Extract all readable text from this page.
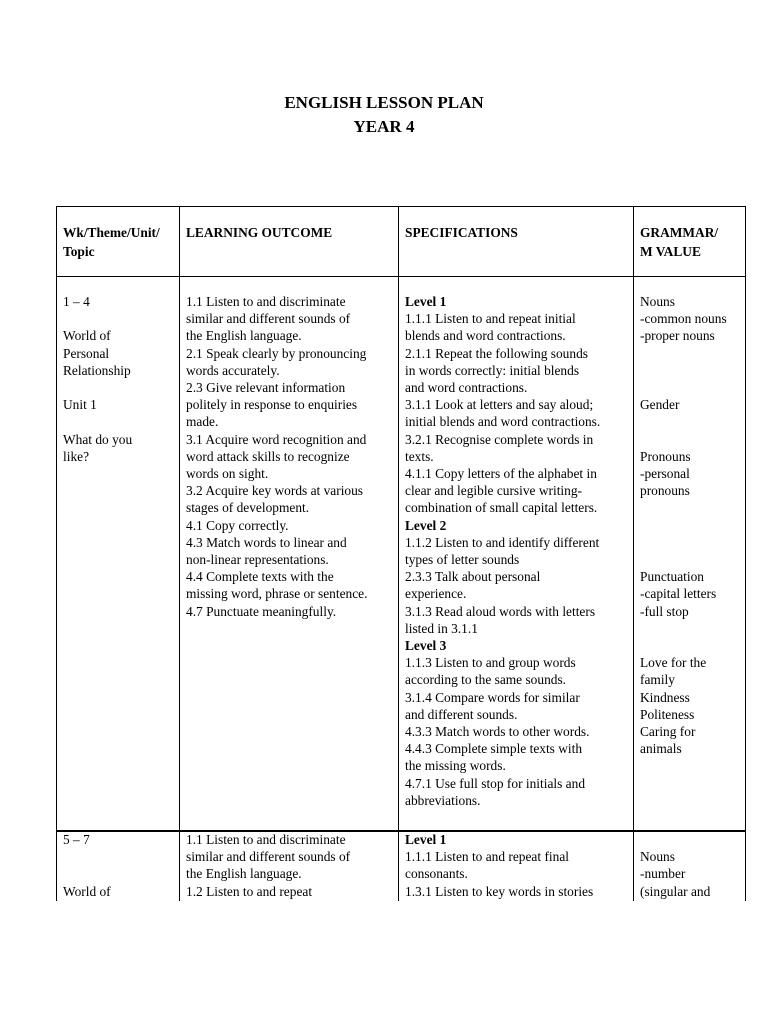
ENGLISH LESSON PLAN
YEAR 4
Wk/Theme/Unit/
Topic
LEARNING OUTCOME	SPECIFICATIONS	GRAMMAR/
M VALUE
1 – 4
World of
Personal
Relationship
Unit 1
What do you
like?
1.1 Listen to and discriminate
similar and different sounds of
the English language.
2.1 Speak clearly by pronouncing
words accurately.
2.3 Give relevant information
politely in response to enquiries
made.
3.1 Acquire word recognition and
word attack skills to recognize
words on sight.
3.2 Acquire key words at various
stages of development.
4.1 Copy correctly.
4.3 Match words to linear and
non-linear representations.
4.4 Complete texts with the
missing word, phrase or sentence.
4.7 Punctuate meaningfully.
Level 1
1.1.1 Listen to and repeat initial
blends and word contractions.
2.1.1 Repeat the following sounds
in words correctly: initial blends
and word contractions.
3.1.1 Look at letters and say aloud;
initial blends and word contractions.
3.2.1 Recognise complete words in
texts.
4.1.1 Copy letters of the alphabet in
clear and legible cursive writing-
combination of small capital letters.
Level 2
1.1.2 Listen to and identify different
types of letter sounds
2.3.3 Talk about personal
experience.
3.1.3 Read aloud words with letters
listed in 3.1.1
Level 3
1.1.3 Listen to and group words
according to the same sounds.
3.1.4 Compare words for similar
and different sounds.
4.3.3 Match words to other words.
4.4.3 Complete simple texts with
the missing words.
4.7.1 Use full stop for initials and
abbreviations.
Nouns
-common nouns
-proper nouns
Gender
Pronouns
-personal
pronouns
Punctuation
-capital letters
-full stop
Love for the
family
Kindness
Politeness
Caring for
animals
5 – 7
World of
1.1 Listen to and discriminate
similar and different sounds of
the English language.
1.2 Listen to and repeat
Level 1
1.1.1 Listen to and repeat final
consonants.
1.3.1 Listen to key words in stories
Nouns
-number
(singular and
